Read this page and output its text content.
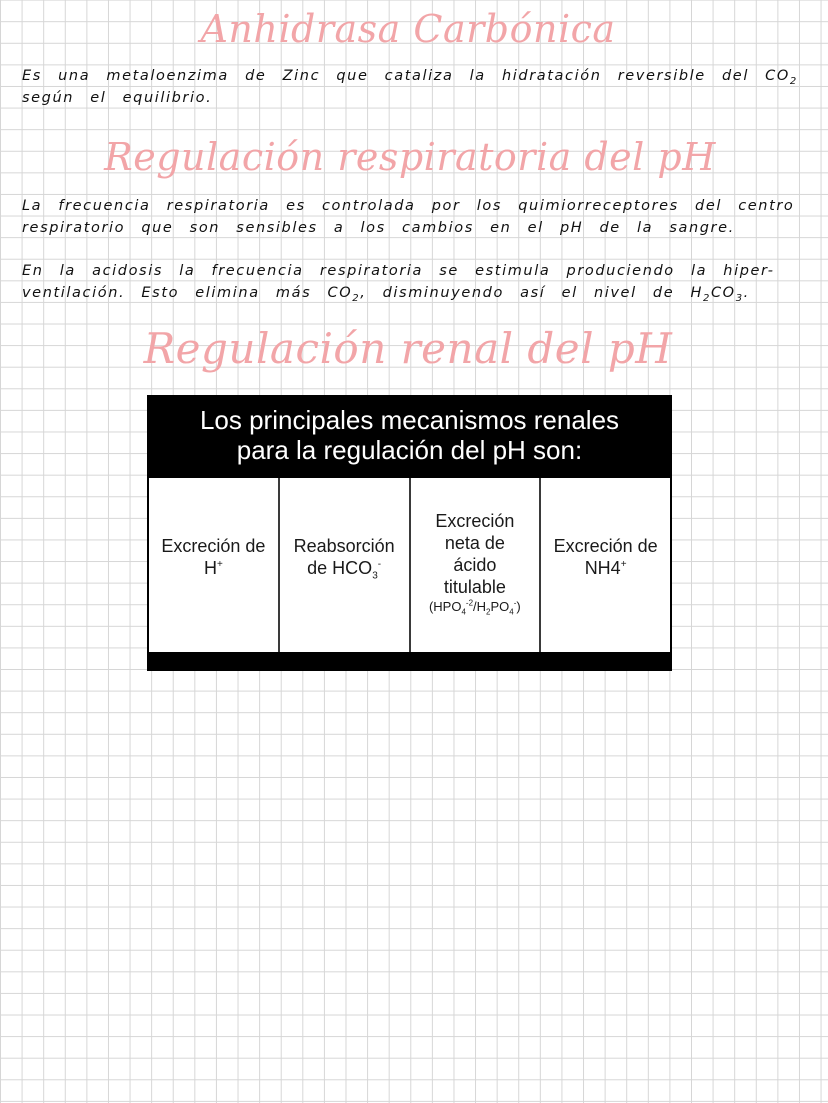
Anhidrasa Carbónica

Es una metaloenzima de Zinc que cataliza la hidratación reversible del $CO_2$
según el equilibrio.

Regulación respiratoria del pH

La frecuencia respiratoria es controlada por los quimiorreceptores del centro
respiratorio que son sensibles a los cambios en el pH de la sangre.

En la acidosis la frecuencia respiratoria se estimula produciendo la hiper-
ventilación. Esto elimina más $CO_2$, disminuyendo así el nivel de $H_2CO_3$.

Regulación renal del pH
Los principales mecanismos renales
para la regulación del pH son:
Excreción de
H+
Reabsorción
de $HCO_3^-$
Excreción
neta de
ácido
titulable
$(HPO_4^{-2}/H_2PO_4^-)$
Excreción de
NH4+
